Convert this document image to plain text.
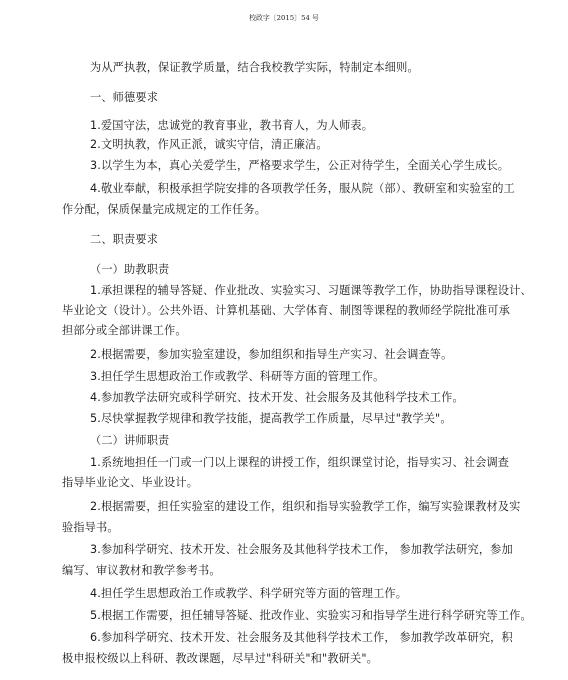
校政字〔2015〕54 号
为从严执教，保证教学质量，结合我校教学实际，特制定本细则。
一、师德要求
1.爱国守法，忠诚党的教育事业，教书育人，为人师表。
2.文明执教，作风正派，诚实守信，清正廉洁。
3.以学生为本，真心关爱学生，严格要求学生，公正对待学生，全面关心学生成长。
4.敬业奉献，积极承担学院安排的各项教学任务，服从院（部）、教研室和实验室的工
作分配，保质保量完成规定的工作任务。
二、职责要求
（一）助教职责
1.承担课程的辅导答疑、作业批改、实验实习、习题课等教学工作，协助指导课程设计、
毕业论文（设计）。公共外语、计算机基础、大学体育、制图等课程的教师经学院批准可承
担部分或全部讲课工作。
2.根据需要，参加实验室建设，参加组织和指导生产实习、社会调查等。
3.担任学生思想政治工作或教学、科研等方面的管理工作。
4.参加教学法研究或科学研究、技术开发、社会服务及其他科学技术工作。
5.尽快掌握教学规律和教学技能，提高教学工作质量，尽早过"教学关"。
（二）讲师职责
1.系统地担任一门或一门以上课程的讲授工作，组织课堂讨论，指导实习、社会调查
指导毕业论文、毕业设计。
2.根据需要，担任实验室的建设工作，组织和指导实验教学工作，编写实验课教材及实
验指导书。
3.参加科学研究、技术开发、社会服务及其他科学技术工作， 参加教学法研究，参加
编写、审议教材和教学参考书。
4.担任学生思想政治工作或教学、科学研究等方面的管理工作。
5.根据工作需要，担任辅导答疑、批改作业、实验实习和指导学生进行科学研究等工作。
6.参加科学研究、技术开发、社会服务及其他科学技术工作， 参加教学改革研究，积
极申报校级以上科研、教改课题，尽早过"科研关"和"教研关"。
